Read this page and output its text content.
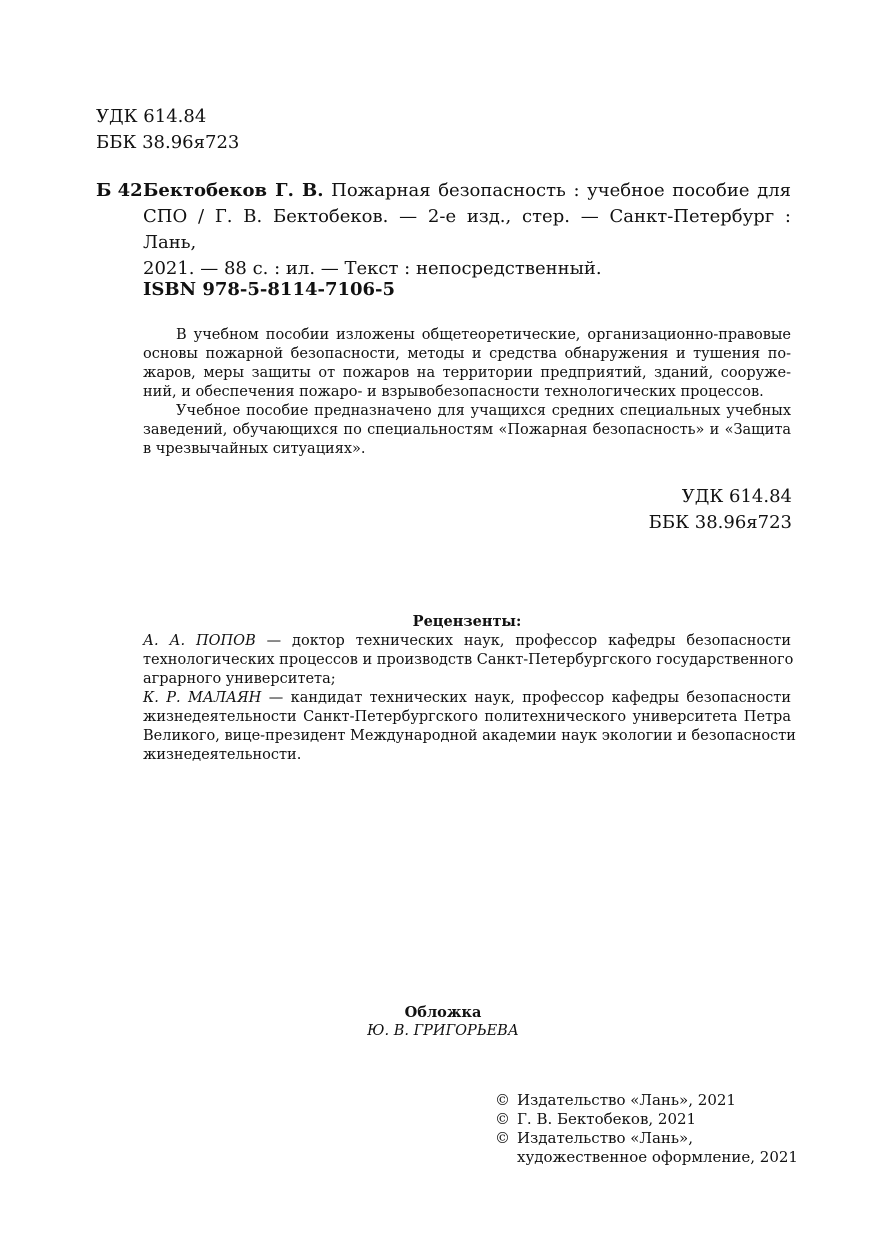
УДК 614.84
ББК 38.96я723
Б 42 Бектобеков Г. В. Пожарная безопасность : учебное пособие для
СПО / Г. В. Бектобеков. — 2-е изд., стер. — Санкт-Петербург : Лань,
2021. — 88 с. : ил. — Текст : непосредственный.
ISBN 978-5-8114-7106-5
В учебном пособии изложены общетеоретические, организационно-правовые
основы пожарной безопасности, методы и средства обнаружения и тушения по-
жаров, меры защиты от пожаров на территории предприятий, зданий, сооруже-
ний, и обеспечения пожаро- и взрывобезопасности технологических процессов.
Учебное пособие предназначено для учащихся средних специальных учебных
заведений, обучающихся по специальностям «Пожарная безопасность» и «Защита
в чрезвычайных ситуациях».
УДК 614.84
ББК 38.96я723
Рецензенты:
А. А. ПОПОВ — доктор технических наук, профессор кафедры безопасности
технологических процессов и производств Санкт-Петербургского государственного
аграрного университета;
К. Р. МАЛАЯН — кандидат технических наук, профессор кафедры безопасности
жизнедеятельности Санкт-Петербургского политехнического университета Петра
Великого, вице-президент Международной академии наук экологии и безопасности
жизнедеятельности.
Обложка
Ю. В. ГРИГОРЬЕВА
© Издательство «Лань», 2021
© Г. В. Бектобеков, 2021
© Издательство «Лань»,
художественное оформление, 2021
